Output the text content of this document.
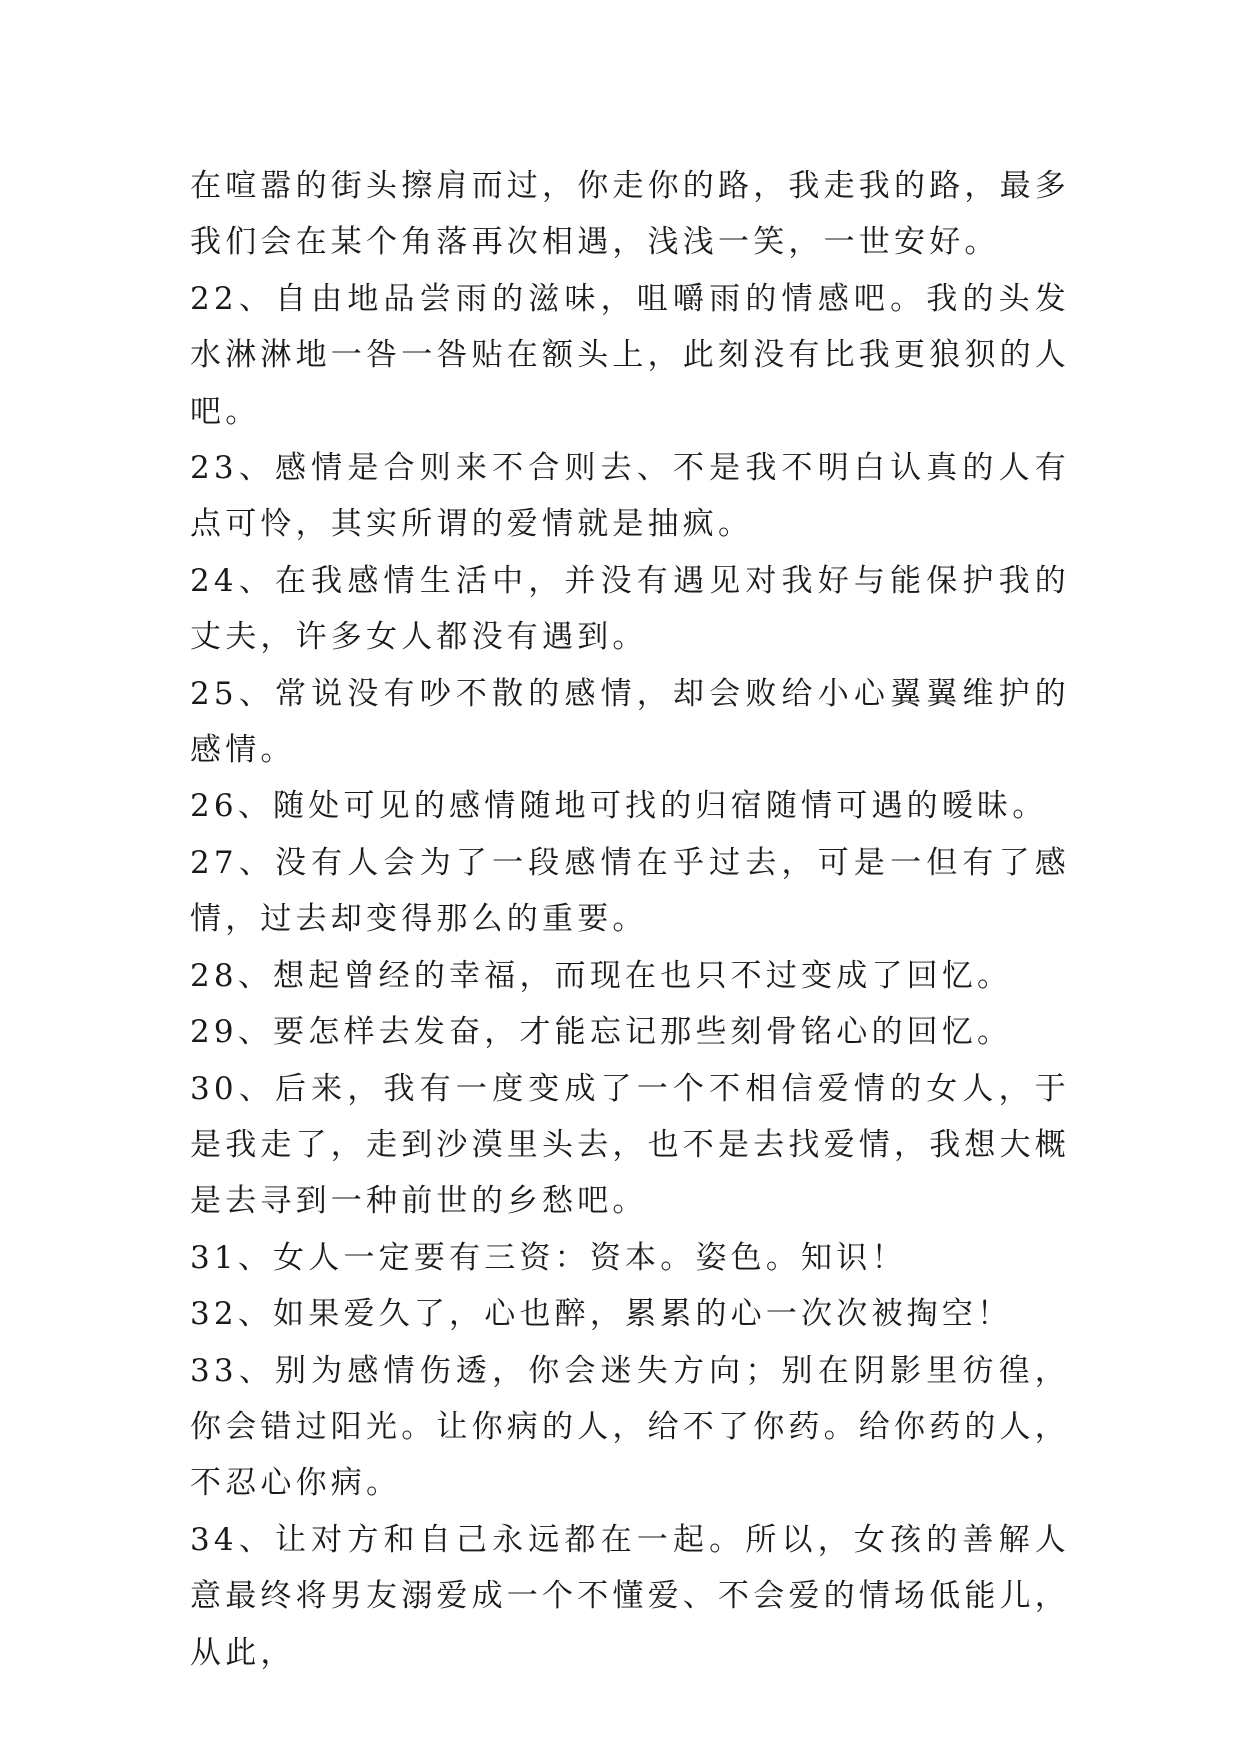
在喧嚣的街头擦肩而过，你走你的路，我走我的路，最多我们会在某个角落再次相遇，浅浅一笑，一世安好。

22、自由地品尝雨的滋味，咀嚼雨的情感吧。我的头发水淋淋地一咎一咎贴在额头上，此刻没有比我更狼狈的人吧。

23、感情是合则来不合则去、不是我不明白认真的人有点可怜，其实所谓的爱情就是抽疯。

24、在我感情生活中，并没有遇见对我好与能保护我的丈夫，许多女人都没有遇到。

25、常说没有吵不散的感情，却会败给小心翼翼维护的感情。

26、随处可见的感情随地可找的归宿随情可遇的暧昧。

27、没有人会为了一段感情在乎过去，可是一但有了感情，过去却变得那么的重要。

28、想起曾经的幸福，而现在也只不过变成了回忆。

29、要怎样去发奋，才能忘记那些刻骨铭心的回忆。

30、后来，我有一度变成了一个不相信爱情的女人，于是我走了，走到沙漠里头去，也不是去找爱情，我想大概是去寻到一种前世的乡愁吧。

31、女人一定要有三资：资本。姿色。知识！

32、如果爱久了，心也醉，累累的心一次次被掏空！

33、别为感情伤透，你会迷失方向；别在阴影里彷徨，你会错过阳光。让你病的人，给不了你药。给你药的人，不忍心你病。

34、让对方和自己永远都在一起。所以，女孩的善解人意最终将男友溺爱成一个不懂爱、不会爱的情场低能儿，从此，
